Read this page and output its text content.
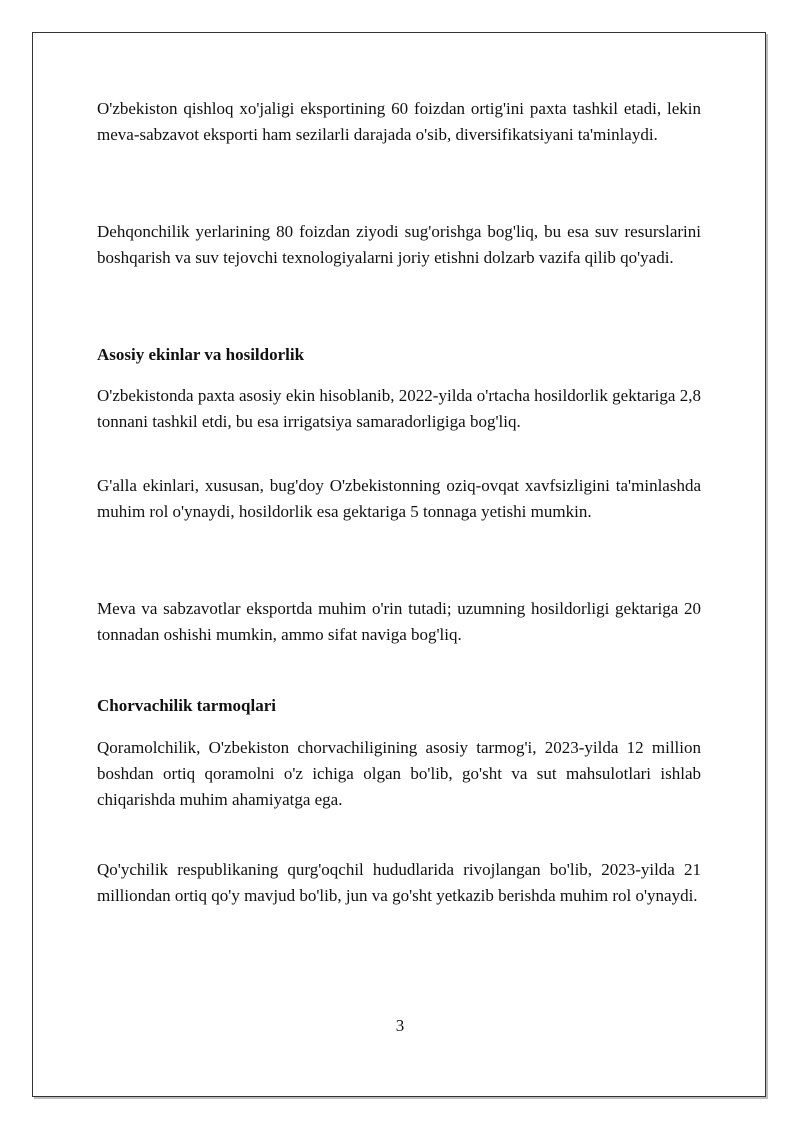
O'zbekiston qishloq xo'jaligi eksportining 60 foizdan ortig'ini paxta tashkil etadi, lekin meva-sabzavot eksporti ham sezilarli darajada o'sib, diversifikatsiyani ta'minlaydi.

Dehqonchilik yerlarining 80 foizdan ziyodi sug'orishga bog'liq, bu esa suv resurslarini boshqarish va suv tejovchi texnologiyalarni joriy etishni dolzarb vazifa qilib qo'yadi.

Asosiy ekinlar va hosildorlik

O'zbekistonda paxta asosiy ekin hisoblanib, 2022-yilda o'rtacha hosildorlik gektariga 2,8 tonnani tashkil etdi, bu esa irrigatsiya samaradorligiga bog'liq.

G'alla ekinlari, xususan, bug'doy O'zbekistonning oziq-ovqat xavfsizligini ta'minlashda muhim rol o'ynaydi, hosildorlik esa gektariga 5 tonnaga yetishi mumkin.

Meva va sabzavotlar eksportda muhim o'rin tutadi; uzumning hosildorligi gektariga 20 tonnadan oshishi mumkin, ammo sifat naviga bog'liq.

Chorvachilik tarmoqlari

Qoramolchilik, O'zbekiston chorvachiligining asosiy tarmog'i, 2023-yilda 12 million boshdan ortiq qoramolni o'z ichiga olgan bo'lib, go'sht va sut mahsulotlari ishlab chiqarishda muhim ahamiyatga ega.

Qo'ychilik respublikaning qurg'oqchil hududlarida rivojlangan bo'lib, 2023-yilda 21 milliondan ortiq qo'y mavjud bo'lib, jun va go'sht yetkazib berishda muhim rol o'ynaydi.

3
